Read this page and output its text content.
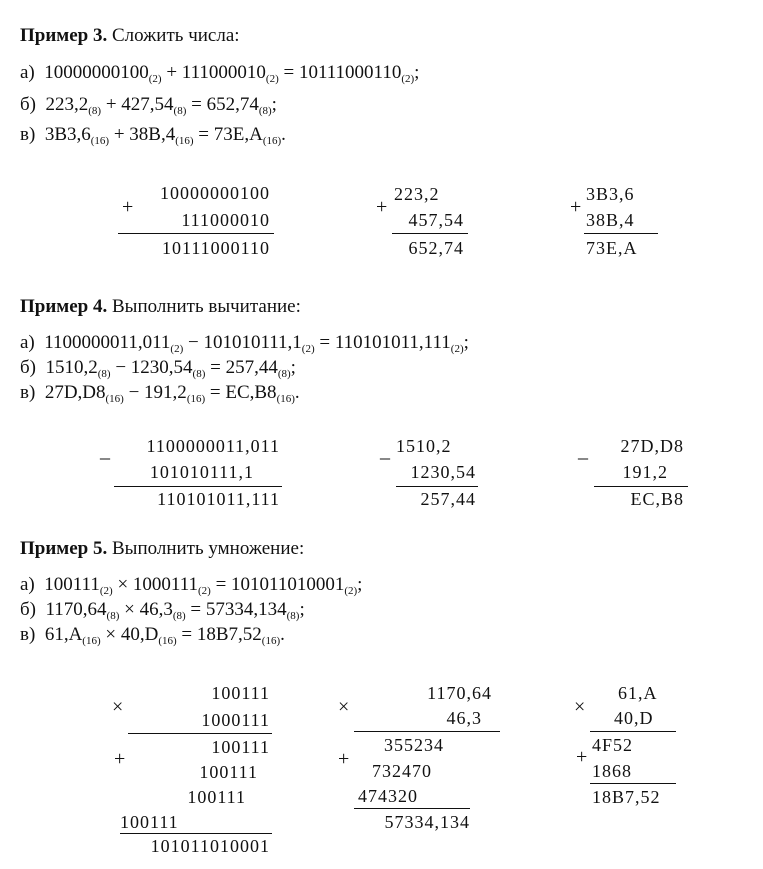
Пример 3. Сложить числа:
а) $10000000100_{(2)} + 111000010_{(2)} = 10111000110_{(2)}$;
б) $223,2_{(8)} + 427,54_{(8)} = 652,74_{(8)}$;
в) $3B3,6_{(16)} + 38B,4_{(16)} = 73E,A_{(16)}$.
+
10000000100
111000010
10111000110
+
223,2
457,54
652,74
+
3B3,6
38B,4
73E,A
Пример 4. Выполнить вычитание:
а) $1100000011,011_{(2)} - 101010111,1_{(2)} = 110101011,111_{(2)}$;
б) $1510,2_{(8)} - 1230,54_{(8)} = 257,44_{(8)}$;
в) $27D,D8_{(16)} - 191,2_{(16)} = EC,B8_{(16)}$.
_	1100000011,011
101010111,1
110101011,111
_ 1510,2
1230,54
257,44
_	27D,D8
191,2
EC,B8
Пример 5. Выполнить умножение:
а) $100111_{(2)} \times 1000111_{(2)} = 101011010001_{(2)}$;
б) $1170,64_{(8)} \times 46,3_{(8)} = 57334,134_{(8)}$;
в) $61,A_{(16)} \times 40,D_{(16)} = 18B7,52_{(16)}$.
×
100111
1000111
+
100111
100111
100111
100111
101011010001
×
1170,64
46,3
+
355234
732470
474320
57334,134
×
61,A
40,D
+
4F52
1868
18B7,52
